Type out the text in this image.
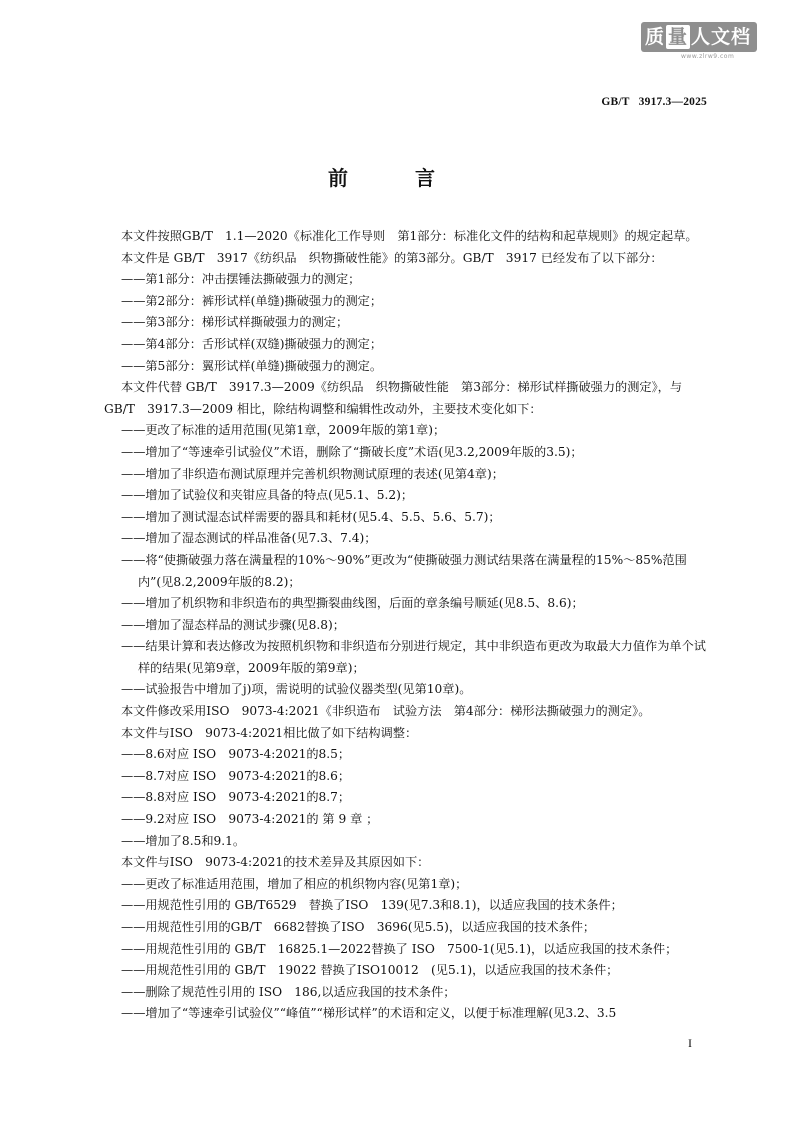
质 量 人文档
www.zlrw9.com
GB/T   3917.3—2025
前 言

本文件按照GB/T　1.1—2020《标准化工作导则　第1部分：标准化文件的结构和起草规则》的规定起草。

本文件是 GB/T　3917《纺织品　织物撕破性能》的第3部分。GB/T　3917 已经发布了以下部分：

——第1部分：冲击摆锤法撕破强力的测定；

——第2部分：裤形试样(单缝)撕破强力的测定；

——第3部分：梯形试样撕破强力的测定；

——第4部分：舌形试样(双缝)撕破强力的测定；

——第5部分：翼形试样(单缝)撕破强力的测定。

本文件代替 GB/T　3917.3—2009《纺织品　织物撕破性能　第3部分：梯形试样撕破强力的测定》，与GB/T　3917.3—2009 相比，除结构调整和编辑性改动外，主要技术变化如下：

——更改了标准的适用范围(见第1章，2009年版的第1章)；

——增加了“等速牵引试验仪”术语，删除了“撕破长度”术语(见3.2,2009年版的3.5)；

——增加了非织造布测试原理并完善机织物测试原理的表述(见第4章)；

——增加了试验仪和夹钳应具备的特点(见5.1、5.2)；

——增加了测试湿态试样需要的器具和耗材(见5.4、5.5、5.6、5.7)；

——增加了湿态测试的样品准备(见7.3、7.4)；

——将“使撕破强力落在满量程的10%～90%”更改为“使撕破强力测试结果落在满量程的15%～85%范围内”(见8.2,2009年版的8.2)；

——增加了机织物和非织造布的典型撕裂曲线图，后面的章条编号顺延(见8.5、8.6)；

——增加了湿态样品的测试步骤(见8.8)；

——结果计算和表达修改为按照机织物和非织造布分别进行规定，其中非织造布更改为取最大力值作为单个试样的结果(见第9章，2009年版的第9章)；

——试验报告中增加了j)项，需说明的试验仪器类型(见第10章)。

本文件修改采用ISO　9073-4:2021《非织造布　试验方法　第4部分：梯形法撕破强力的测定》。

本文件与ISO　9073-4:2021相比做了如下结构调整：

——8.6对应 ISO　9073-4:2021的8.5；

——8.7对应 ISO　9073-4:2021的8.6；

——8.8对应 ISO　9073-4:2021的8.7；

——9.2对应 ISO　9073-4:2021的 第 9 章 ；

——增加了8.5和9.1。

本文件与ISO　9073-4:2021的技术差异及其原因如下：

——更改了标准适用范围，增加了相应的机织物内容(见第1章)；

——用规范性引用的 GB/T6529　替换了ISO　139(见7.3和8.1)，以适应我国的技术条件；

——用规范性引用的GB/T　6682替换了ISO　3696(见5.5)，以适应我国的技术条件；

——用规范性引用的 GB/T　16825.1—2022替换了 ISO　7500-1(见5.1)，以适应我国的技术条件；

——用规范性引用的 GB/T　19022 替换了ISO10012　(见5.1)，以适应我国的技术条件；

——删除了规范性引用的 ISO　186,以适应我国的技术条件；

——增加了“等速牵引试验仪”“峰值”“梯形试样”的术语和定义，以便于标准理解(见3.2、3.5

I
